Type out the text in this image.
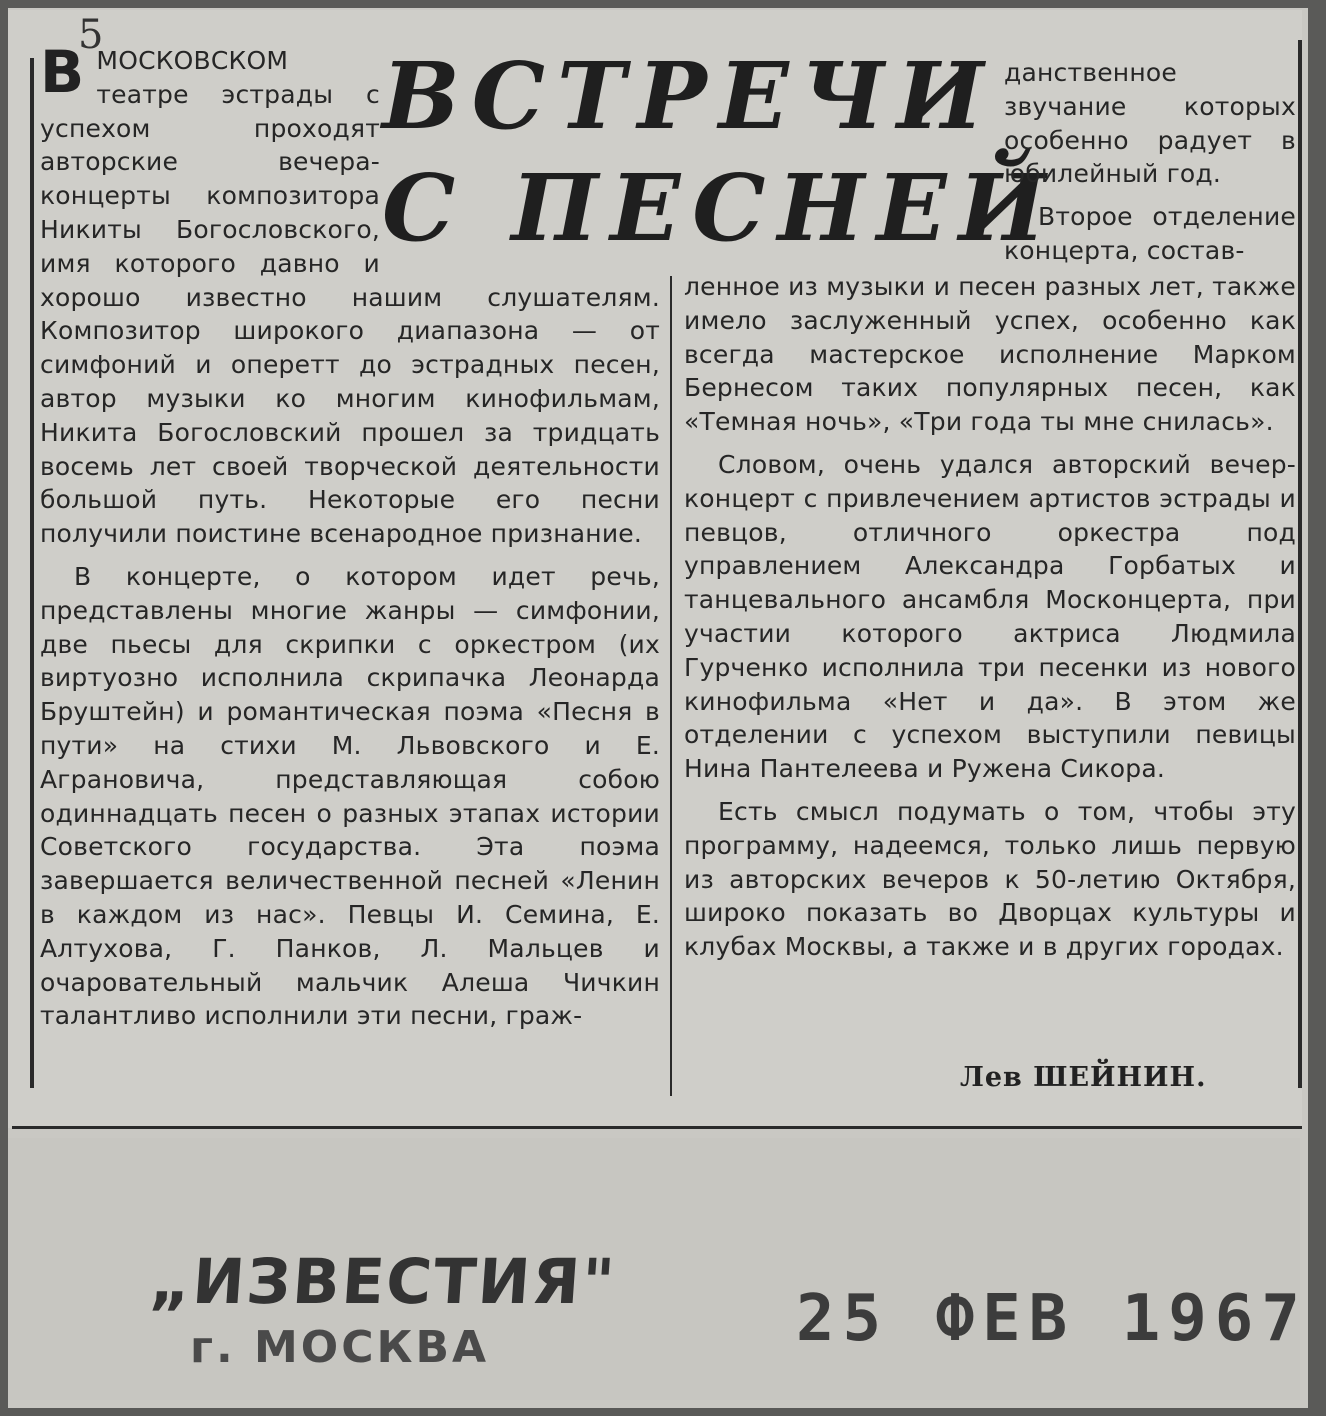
5
ВСТРЕЧИ
С ПЕСНЕЙ

ВМОСКОВСКОМ театре эстрады с успехом проходят авторские вечера-концерты композитора Никиты Богословского, имя которого давно и хорошо известно нашим слушателям. Композитор широкого диапазона — от симфоний и оперетт до эстрадных песен, автор музыки ко многим кинофильмам, Никита Богословский прошел за тридцать восемь лет своей творческой деятельности большой путь. Некоторые его песни получили поистине всенародное признание.

В концерте, о котором идет речь, представлены многие жанры — симфонии, две пьесы для скрипки с оркестром (их виртуозно исполнила скрипачка Леонарда Бруштейн) и романтическая поэма «Песня в пути» на стихи М. Львовского и Е. Аграновича, представляющая собою одиннадцать песен о разных этапах истории Советского государства. Эта поэма завершается величественной песней «Ленин в каждом из нас». Певцы И. Семина, Е. Алтухова, Г. Панков, Л. Мальцев и очаровательный мальчик Алеша Чичкин талантливо исполнили эти песни, граж-

данственное звучание которых особенно радует в юбилейный год.

Второе отделение концерта, состав-

ленное из музыки и песен разных лет, также имело заслуженный успех, особенно как всегда мастерское исполнение Марком Бернесом таких популярных песен, как «Темная ночь», «Три года ты мне снилась».

Словом, очень удался авторский вечер-концерт с привлечением артистов эстрады и певцов, отличного оркестра под управлением Александра Горбатых и танцевального ансамбля Москонцерта, при участии которого актриса Людмила Гурченко исполнила три песенки из нового кинофильма «Нет и да». В этом же отделении с успехом выступили певицы Нина Пантелеева и Ружена Сикора.

Есть смысл подумать о том, чтобы эту программу, надеемся, только лишь первую из авторских вечеров к 50-летию Октября, широко показать во Дворцах культуры и клубах Москвы, а также и в других городах.

Лев ШЕЙНИН.
„ИЗВЕСТИЯ"
г. МОСКВА	25 ФЕВ 1967
